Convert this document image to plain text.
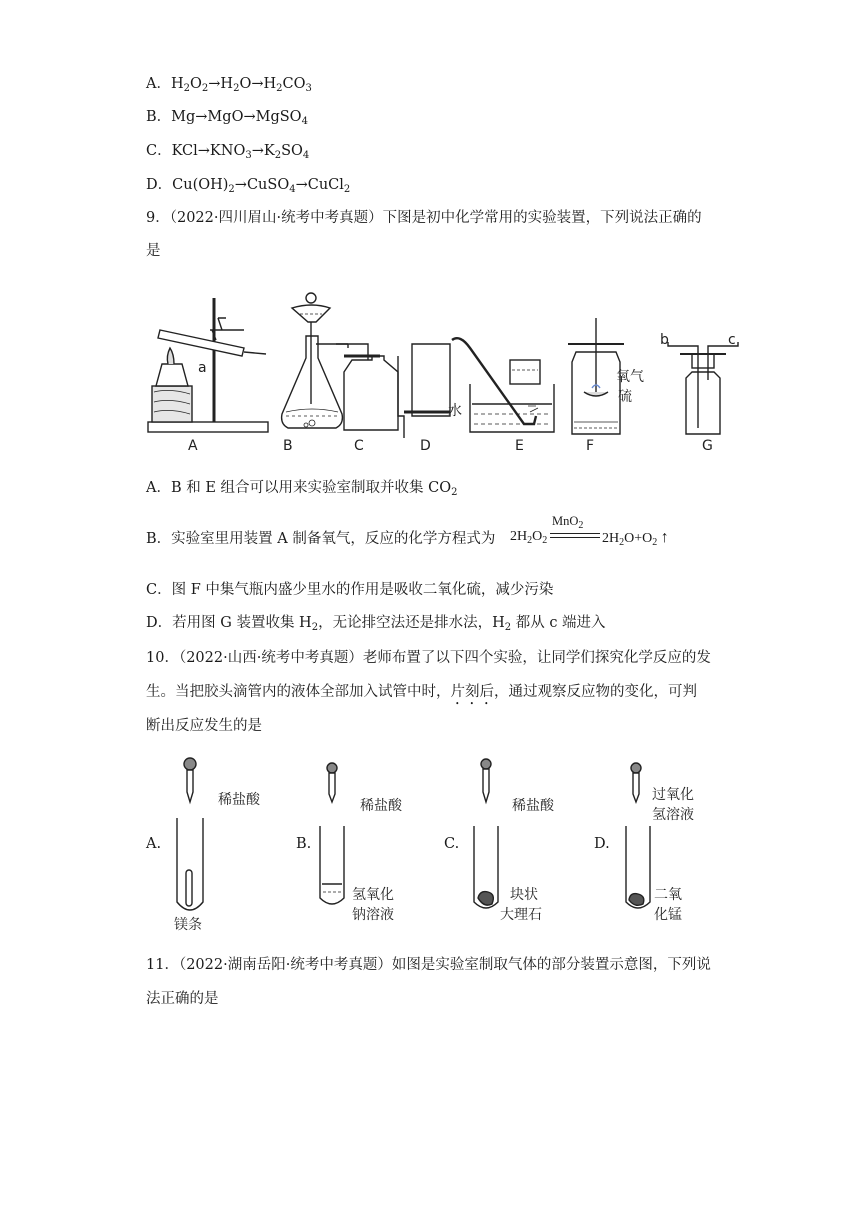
A．$H_2O_2\to H_2O\to H_2CO_3$
B．Mg→MgO→MgSO$_4$
C．$KCl\to KNO_3\to K_2SO_4$
D．$Cu(OH)_2\to CuSO_4\to CuCl_2$
9．（2022·四川眉山·统考中考真题）下图是初中化学常用的实验装置，下列说法正确的
是
a
水
氧气
硫
b	c
A	B	C	D	E	F	G
A．B 和 E 组合可以用来实验室制取并收集 $CO_2$
B．实验室里用装置 A 制备氧气，反应的化学方程式为
MnO$_2$
$2H_2O_2$	$2H_2O+O_2$ ↑
C．图 F 中集气瓶内盛少里水的作用是吸收二氧化硫，减少污染
D．若用图 G 装置收集 $H_2$，无论排空法还是排水法，$H_2$ 都从 c 端进入
10．（2022·山西·统考中考真题）老师布置了以下四个实验，让同学们探究化学反应的发
生。当把胶头滴管内的液体全部加入试管中时，片刻后，通过观察反应物的变化，可判
断出反应发生的是
A.	B.	C.	D.
稀盐酸
镁条
稀盐酸
氢氧化
钠溶液
稀盐酸
块状
大理石
过氧化
氢溶液
二氧
化锰
11．（2022·湖南岳阳·统考中考真题）如图是实验室制取气体的部分装置示意图，下列说
法正确的是
